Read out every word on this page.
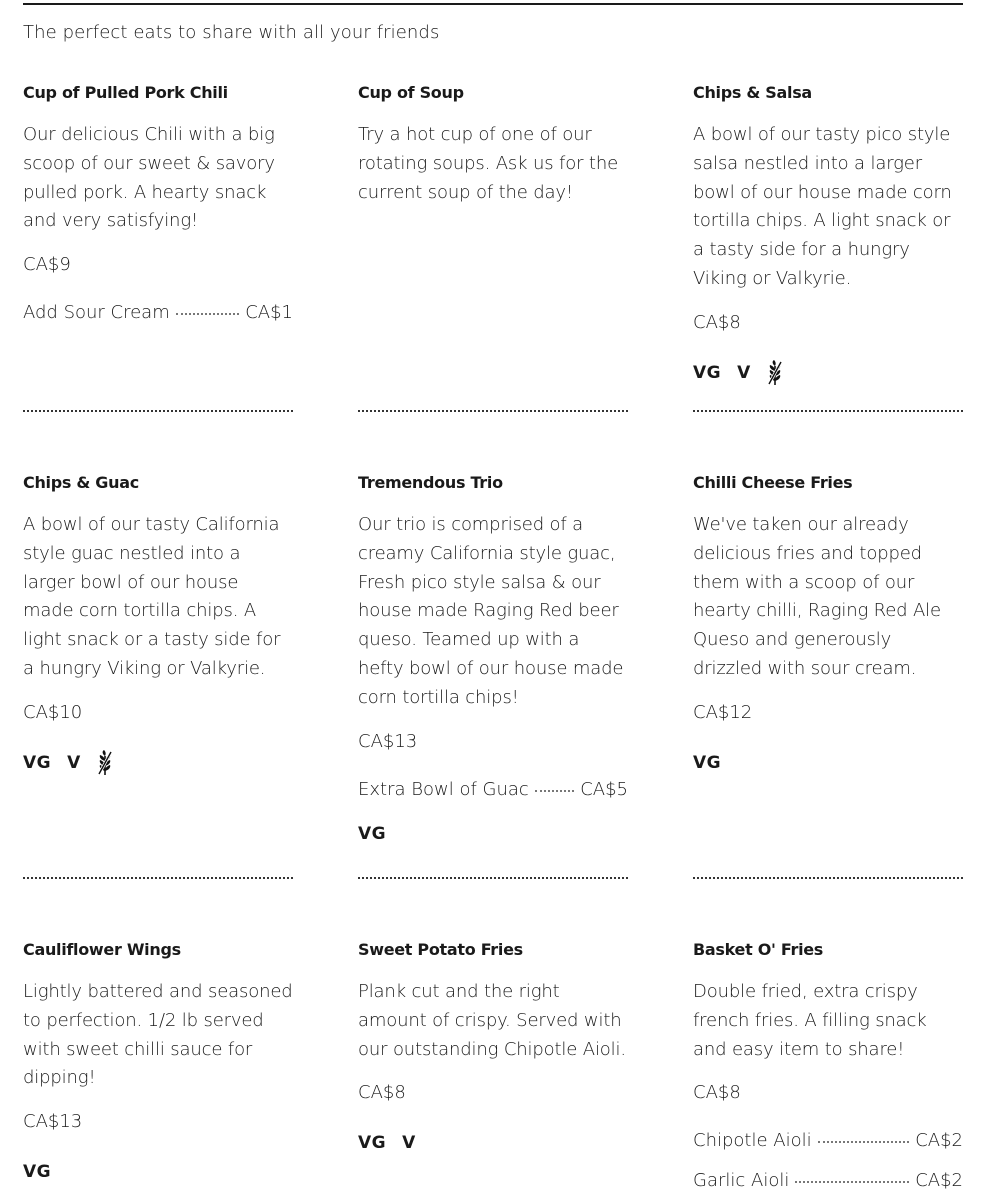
The perfect eats to share with all your friends
Cup of Pulled Pork Chili

Our delicious Chili with a big scoop of our sweet & savory pulled pork. A hearty snack and very satisfying!

CA$9

Add Sour Cream	CA$1
Cup of Soup

Try a hot cup of one of our rotating soups. Ask us for the current soup of the day!

Chips & Salsa

A bowl of our tasty pico style salsa nestled into a larger bowl of our house made corn tortilla chips. A light snack or a tasty side for a hungry Viking or Valkyrie.

CA$8

VG V
Chips & Guac

A bowl of our tasty California style guac nestled into a larger bowl of our house made corn tortilla chips. A light snack or a tasty side for a hungry Viking or Valkyrie.

CA$10

VG V
Tremendous Trio

Our trio is comprised of a creamy California style guac, Fresh pico style salsa & our house made Raging Red beer queso. Teamed up with a hefty bowl of our house made corn tortilla chips!

CA$13

Extra Bowl of Guac	CA$5
VG
Chilli Cheese Fries

We've taken our already delicious fries and topped them with a scoop of our hearty chilli, Raging Red Ale Queso and generously drizzled with sour cream.

CA$12

VG
Cauliflower Wings

Lightly battered and seasoned to perfection. 1/2 lb served with sweet chilli sauce for dipping!

CA$13

VG
Sweet Potato Fries

Plank cut and the right amount of crispy. Served with our outstanding Chipotle Aioli.

CA$8

VG V
Basket O' Fries

Double fried, extra crispy french fries. A filling snack and easy item to share!

CA$8

Chipotle Aioli	CA$2
Garlic Aioli	CA$2
